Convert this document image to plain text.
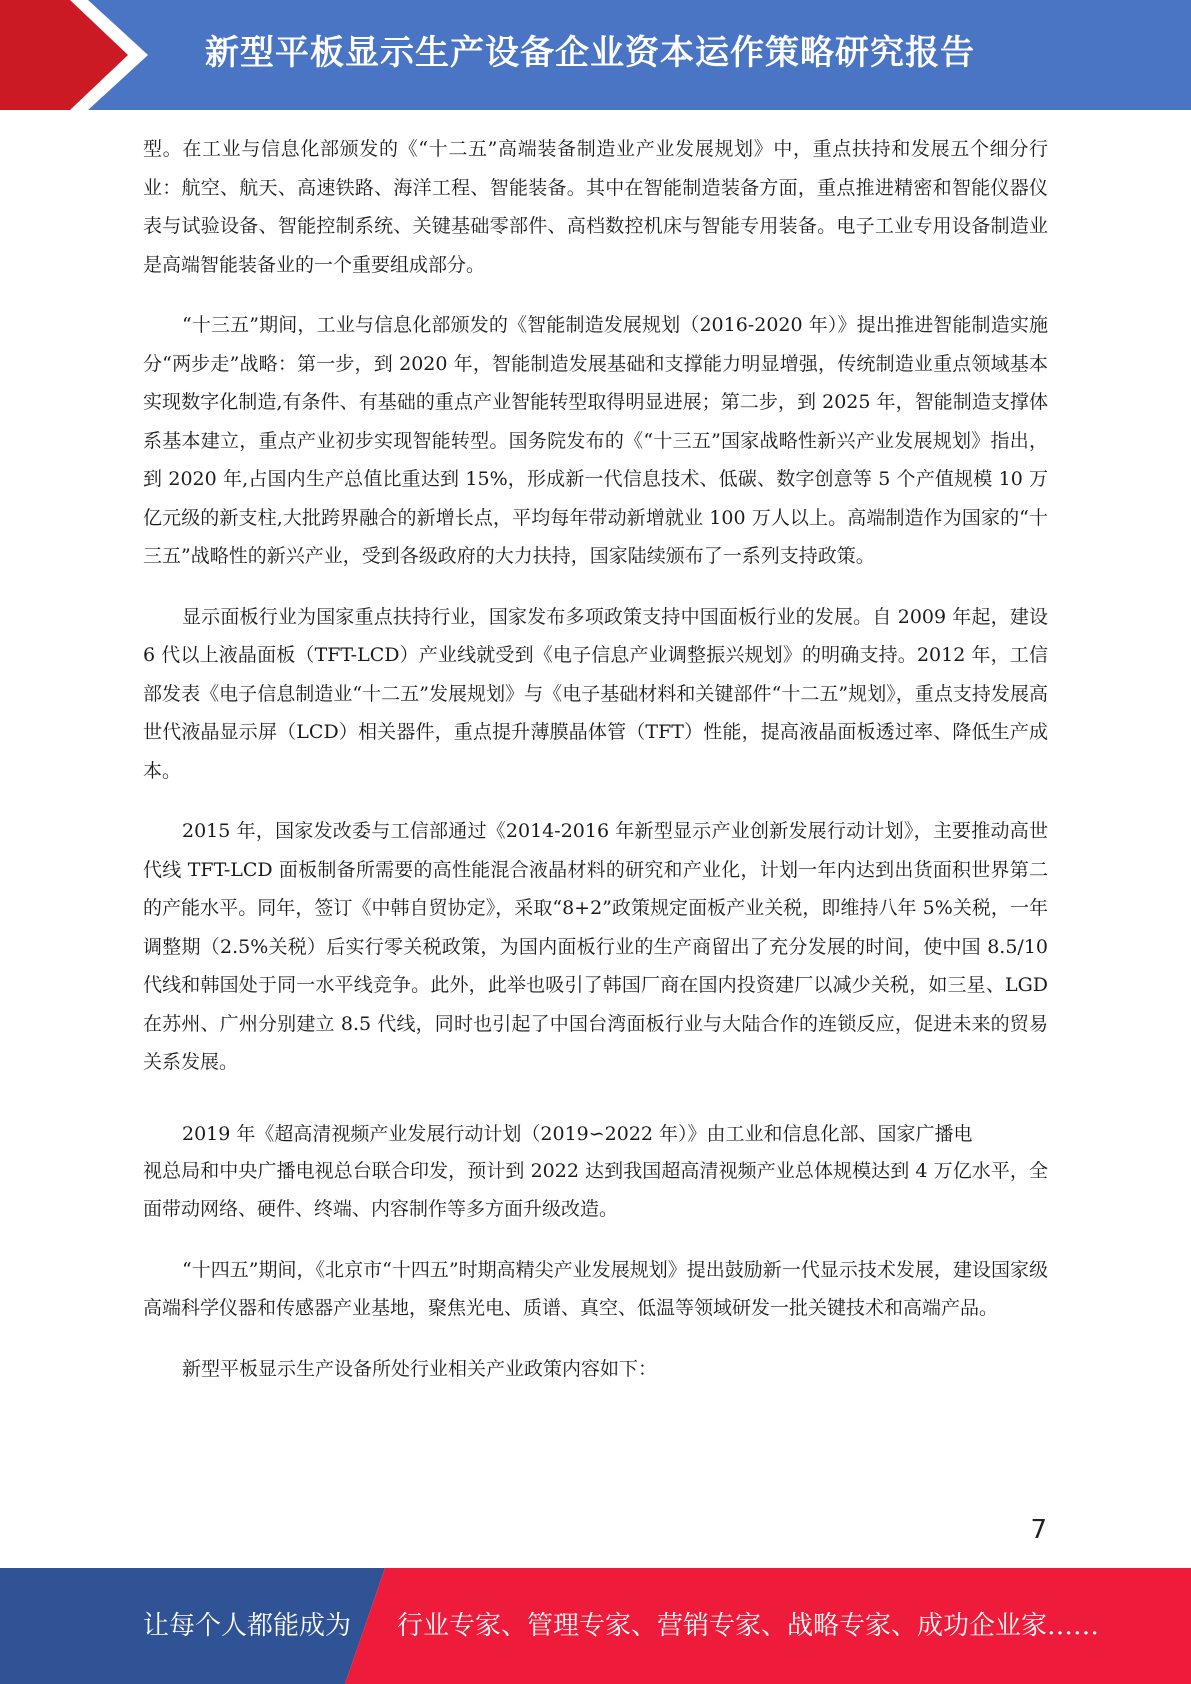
新型平板显示生产设备企业资本运作策略研究报告

型。在工业与信息化部颁发的《“十二五”高端装备制造业产业发展规划》中，重点扶持和发展五个细分行业：航空、航天、高速铁路、海洋工程、智能装备。其中在智能制造装备方面，重点推进精密和智能仪器仪表与试验设备、智能控制系统、关键基础零部件、高档数控机床与智能专用装备。电子工业专用设备制造业是高端智能装备业的一个重要组成部分。

“十三五”期间，工业与信息化部颁发的《智能制造发展规划（2016-2020 年）》提出推进智能制造实施分“两步走”战略：第一步，到 2020 年，智能制造发展基础和支撑能力明显增强，传统制造业重点领域基本实现数字化制造,有条件、有基础的重点产业智能转型取得明显进展；第二步，到 2025 年，智能制造支撑体系基本建立，重点产业初步实现智能转型。国务院发布的《“十三五”国家战略性新兴产业发展规划》指出，到 2020 年,占国内生产总值比重达到 15%，形成新一代信息技术、低碳、数字创意等 5 个产值规模 10 万亿元级的新支柱,大批跨界融合的新增长点，平均每年带动新增就业 100 万人以上。高端制造作为国家的“十三五”战略性的新兴产业，受到各级政府的大力扶持，国家陆续颁布了一系列支持政策。

显示面板行业为国家重点扶持行业，国家发布多项政策支持中国面板行业的发展。自 2009 年起，建设 6 代以上液晶面板（TFT-LCD）产业线就受到《电子信息产业调整振兴规划》的明确支持。2012 年，工信部发表《电子信息制造业“十二五”发展规划》与《电子基础材料和关键部件“十二五”规划》，重点支持发展高世代液晶显示屏（LCD）相关器件，重点提升薄膜晶体管（TFT）性能，提高液晶面板透过率、降低生产成本。

2015 年，国家发改委与工信部通过《2014-2016 年新型显示产业创新发展行动计划》，主要推动高世代线 TFT-LCD 面板制备所需要的高性能混合液晶材料的研究和产业化，计划一年内达到出货面积世界第二的产能水平。同年，签订《中韩自贸协定》，采取“8+2”政策规定面板产业关税，即维持八年 5%关税，一年调整期（2.5%关税）后实行零关税政策，为国内面板行业的生产商留出了充分发展的时间，使中国 8.5/10 代线和韩国处于同一水平线竞争。此外，此举也吸引了韩国厂商在国内投资建厂以减少关税，如三星、LGD 在苏州、广州分别建立 8.5 代线，同时也引起了中国台湾面板行业与大陆合作的连锁反应，促进未来的贸易关系发展。

2019 年《超高清视频产业发展行动计划（2019∽2022 年）》由工业和信息化部、国家广播电

视总局和中央广播电视总台联合印发，预计到 2022 达到我国超高清视频产业总体规模达到 4 万亿水平，全面带动网络、硬件、终端、内容制作等多方面升级改造。

“十四五”期间，《北京市“十四五”时期高精尖产业发展规划》提出鼓励新一代显示技术发展，建设国家级高端科学仪器和传感器产业基地，聚焦光电、质谱、真空、低温等领域研发一批关键技术和高端产品。

新型平板显示生产设备所处行业相关产业政策内容如下：

7
让每个人都能成为 行业专家、管理专家、营销专家、战略专家、成功企业家……
